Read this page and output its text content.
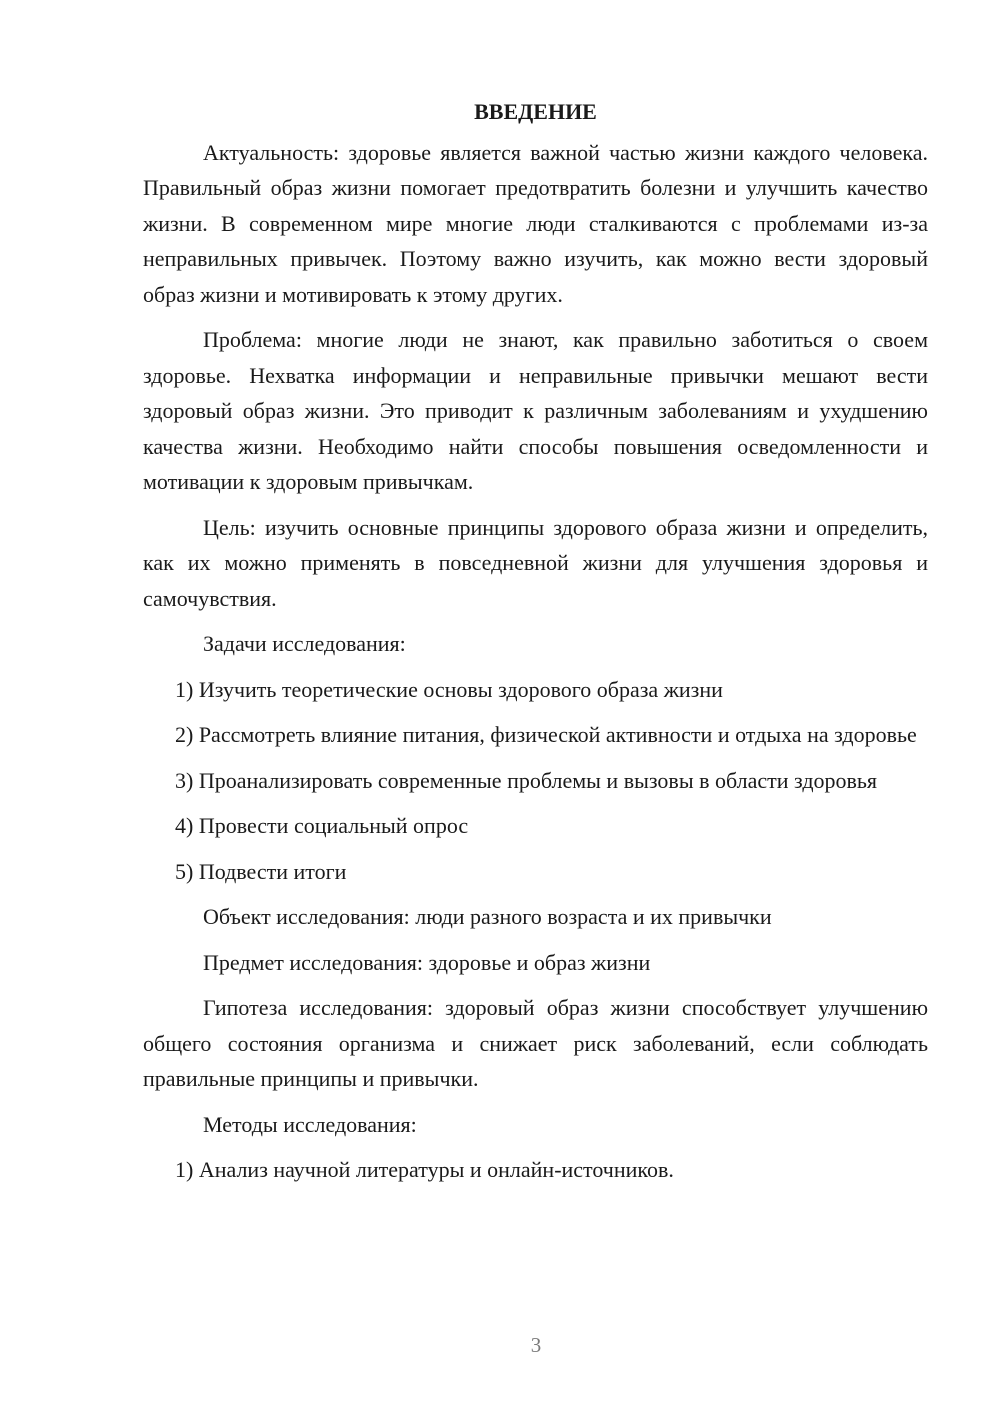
ВВЕДЕНИЕ

Актуальность: здоровье является важной частью жизни каждого человека. Правильный образ жизни помогает предотвратить болезни и улучшить качество жизни. В современном мире многие люди сталкиваются с проблемами из-за неправильных привычек. Поэтому важно изучить, как можно вести здоровый образ жизни и мотивировать к этому других.

Проблема: многие люди не знают, как правильно заботиться о своем здоровье. Нехватка информации и неправильные привычки мешают вести здоровый образ жизни. Это приводит к различным заболеваниям и ухудшению качества жизни. Необходимо найти способы повышения осведомленности и мотивации к здоровым привычкам.

Цель: изучить основные принципы здорового образа жизни и определить, как их можно применять в повседневной жизни для улучшения здоровья и самочувствия.

Задачи исследования:

1) Изучить теоретические основы здорового образа жизни

2) Рассмотреть влияние питания, физической активности и отдыха на здоровье

3) Проанализировать современные проблемы и вызовы в области здоровья

4) Провести социальный опрос

5) Подвести итоги

Объект исследования: люди разного возраста и их привычки

Предмет исследования: здоровье и образ жизни

Гипотеза исследования: здоровый образ жизни способствует улучшению общего состояния организма и снижает риск заболеваний, если соблюдать правильные принципы и привычки.

Методы исследования:

1) Анализ научной литературы и онлайн-источников.

3
